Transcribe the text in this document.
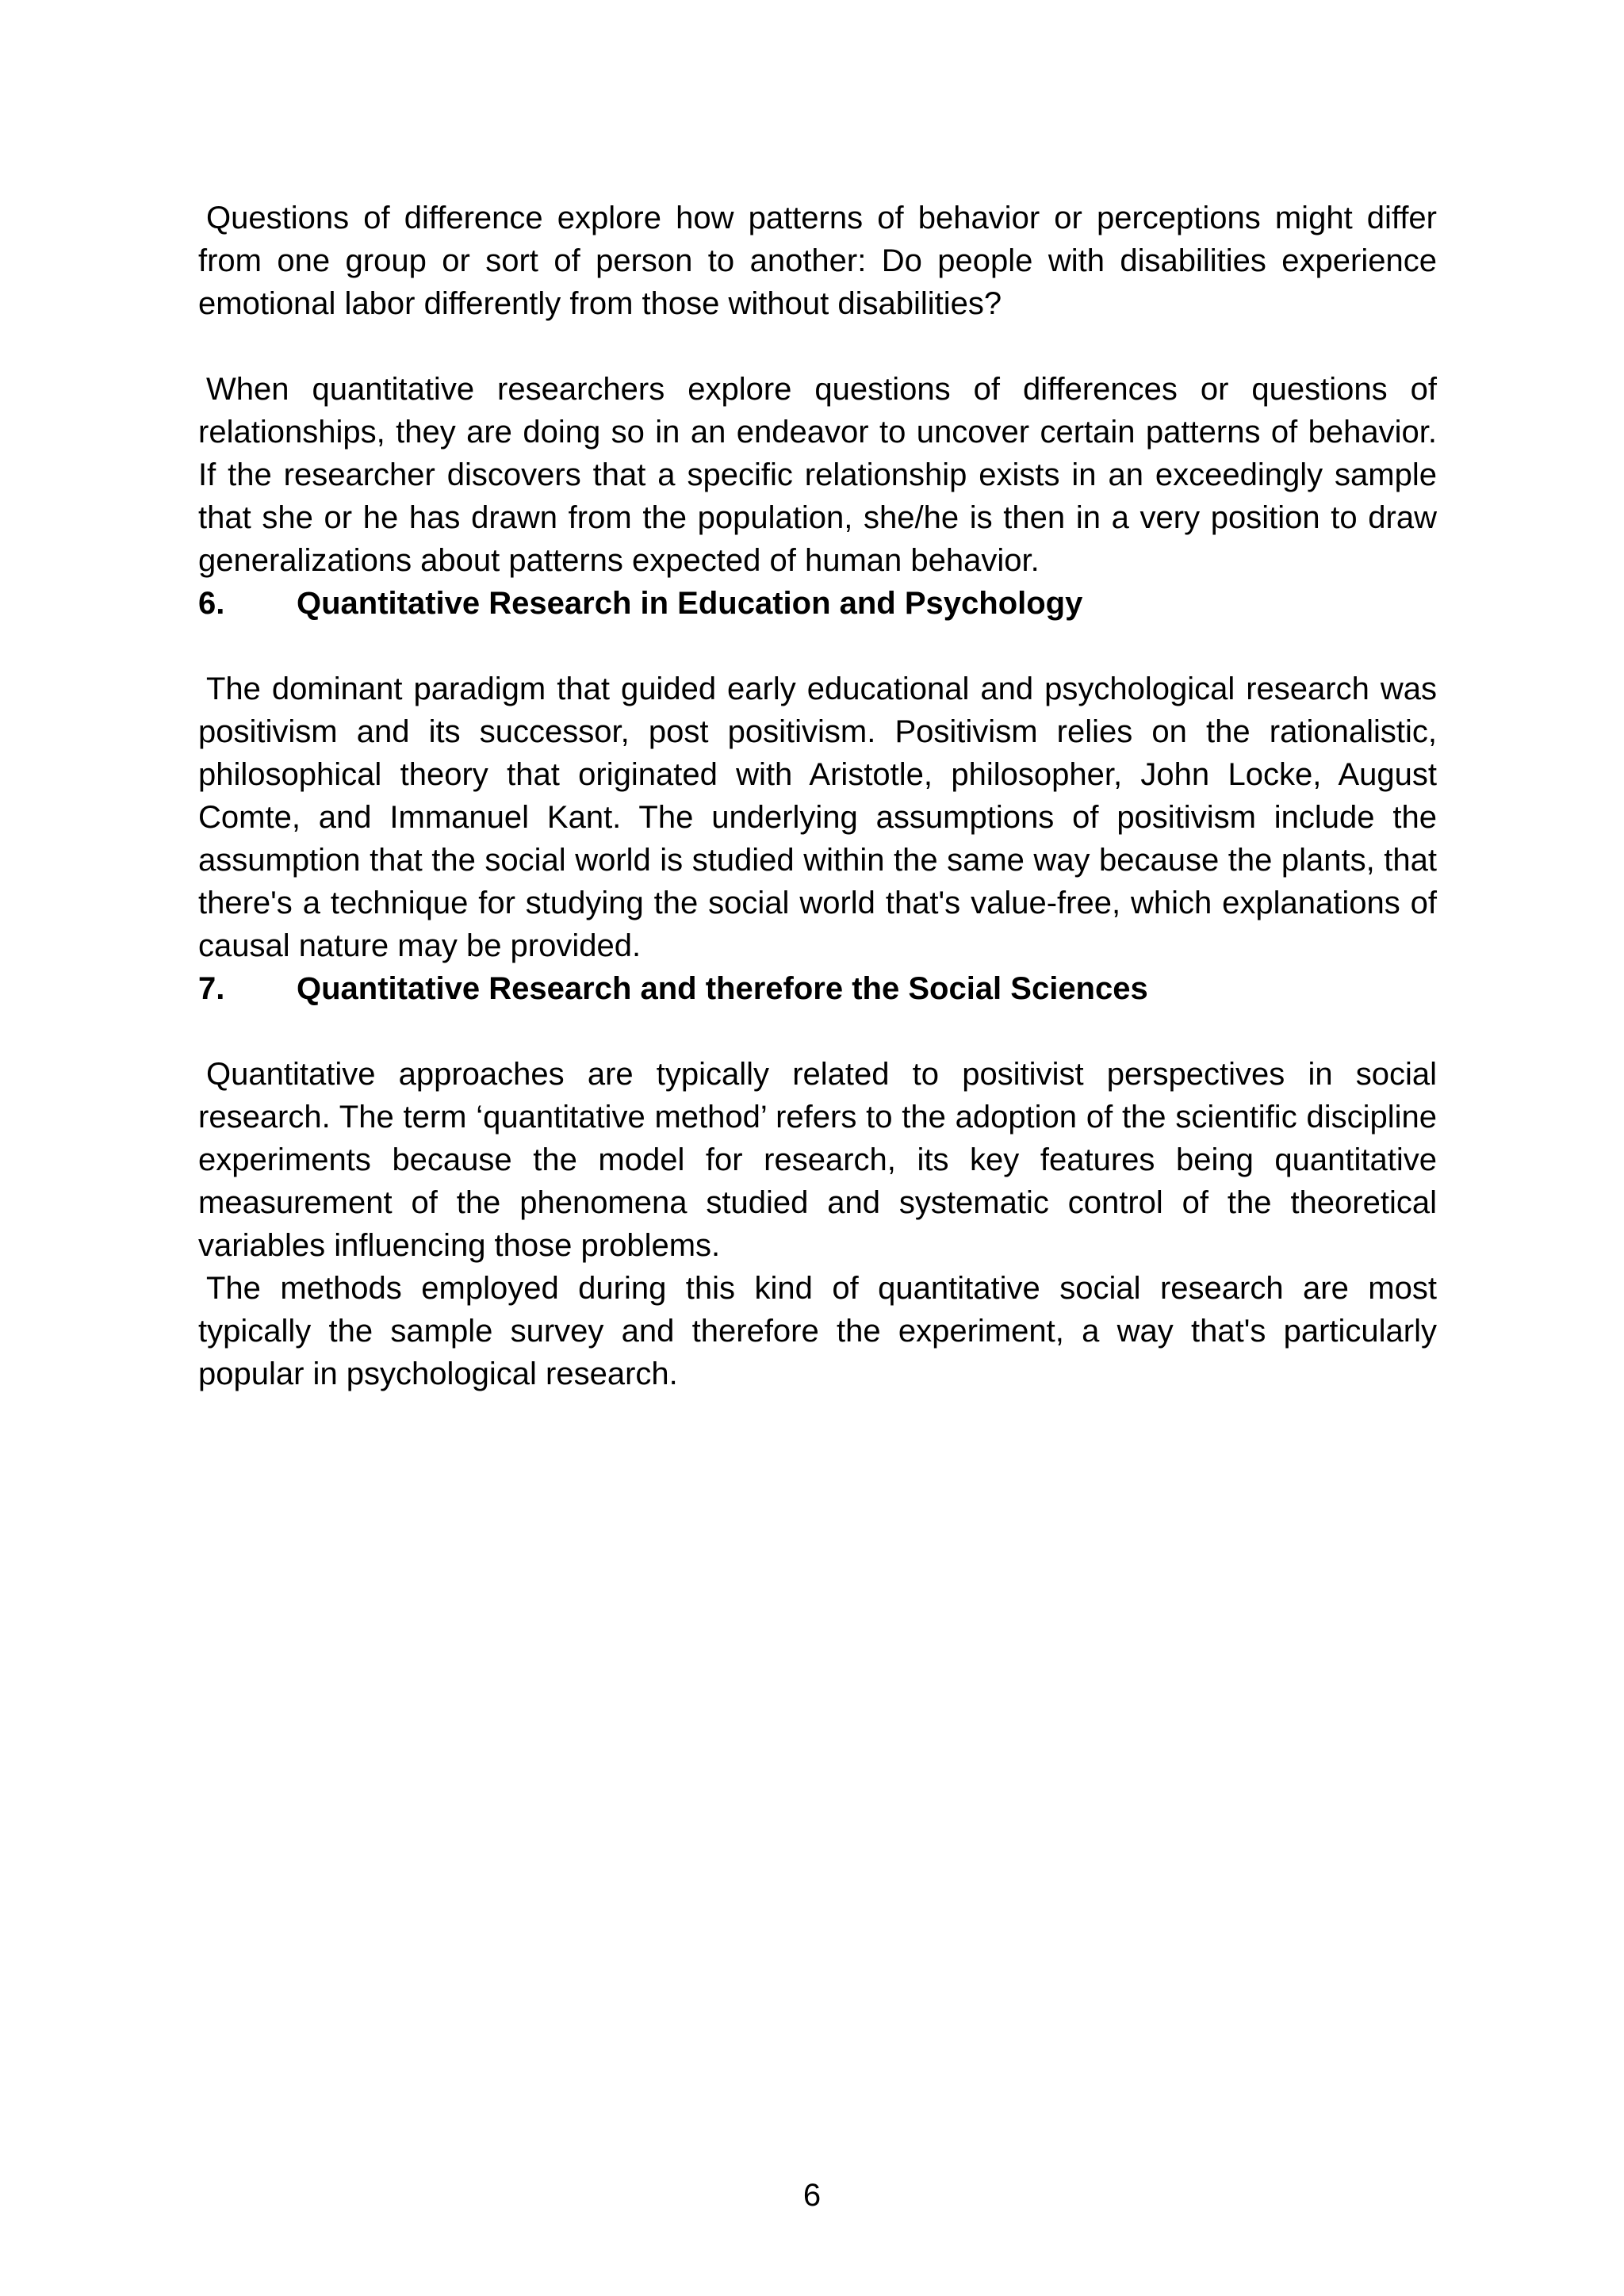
Questions of difference explore how patterns of behavior or perceptions might differ from one group or sort of person to another: Do people with disabilities experience emotional labor differently from those without disabilities?

When quantitative researchers explore questions of differences or questions of relationships, they are doing so in an endeavor to uncover certain patterns of behavior. If the researcher discovers that a specific relationship exists in an exceedingly sample that she or he has drawn from the population, she/he is then in a very position to draw generalizations about patterns expected of human behavior.

6.	Quantitative Research in Education and Psychology

The dominant paradigm that guided early educational and psychological research was positivism and its successor, post positivism. Positivism relies on the rationalistic, philosophical theory that originated with Aristotle, philosopher, John Locke, August Comte, and Immanuel Kant. The underlying assumptions of positivism include the assumption that the social world is studied within the same way because the plants, that there's a technique for studying the social world that's value-free, which explanations of causal nature may be provided.

7.	Quantitative Research and therefore the Social Sciences

Quantitative approaches are typically related to positivist perspectives in social research. The term ‘quantitative method’ refers to the adoption of the scientific discipline experiments because the model for research, its key features being quantitative measurement of the phenomena studied and systematic control of the theoretical variables influencing those problems.

The methods employed during this kind of quantitative social research are most typically the sample survey and therefore the experiment, a way that's particularly popular in psychological research.

6
